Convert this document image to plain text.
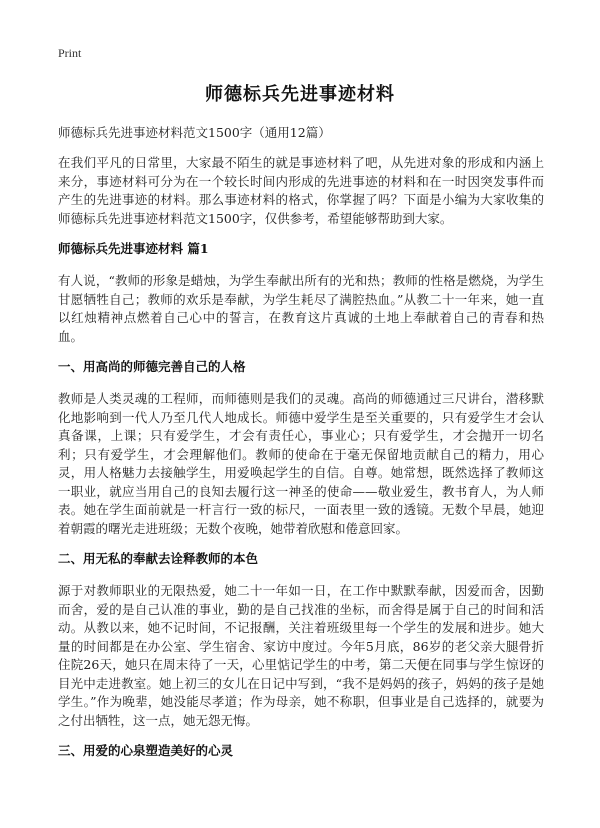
Print
师德标兵先进事迹材料

师德标兵先进事迹材料范文1500字（通用12篇）

在我们平凡的日常里，大家最不陌生的就是事迹材料了吧，从先进对象的形成和内涵上来分，事迹材料可分为在一个较长时间内形成的先进事迹的材料和在一时因突发事件而产生的先进事迹的材料。那么事迹材料的格式，你掌握了吗？下面是小编为大家收集的师德标兵先进事迹材料范文1500字，仅供参考，希望能够帮助到大家。

师德标兵先进事迹材料 篇1

有人说，“教师的形象是蜡烛，为学生奉献出所有的光和热；教师的性格是燃烧，为学生甘愿牺牲自己；教师的欢乐是奉献，为学生耗尽了满腔热血。”从教二十一年来，她一直以红烛精神点燃着自己心中的誓言，在教育这片真诚的土地上奉献着自己的青春和热血。

一、用高尚的师德完善自己的人格

教师是人类灵魂的工程师，而师德则是我们的灵魂。高尚的师德通过三尺讲台，潜移默化地影响到一代人乃至几代人地成长。师德中爱学生是至关重要的，只有爱学生才会认真备课，上课；只有爱学生，才会有责任心，事业心；只有爱学生，才会抛开一切名利；只有爱学生，才会理解他们。教师的使命在于毫无保留地贡献自己的精力，用心灵，用人格魅力去接触学生，用爱唤起学生的自信。自尊。她常想，既然选择了教师这一职业，就应当用自己的良知去履行这一神圣的使命——敬业爱生，教书育人，为人师表。她在学生面前就是一杆言行一致的标尺，一面表里一致的透镜。无数个早晨，她迎着朝霞的曙光走进班级；无数个夜晚，她带着欣慰和倦意回家。

二、用无私的奉献去诠释教师的本色

源于对教师职业的无限热爱，她二十一年如一日，在工作中默默奉献，因爱而舍，因勤而舍，爱的是自己认准的事业，勤的是自己找准的坐标，而舍得是属于自己的时间和活动。从教以来，她不记时间，不记报酬，关注着班级里每一个学生的发展和进步。她大量的时间都是在办公室、学生宿舍、家访中度过。今年5月底，86岁的老父亲大腿骨折住院26天，她只在周末待了一天，心里惦记学生的中考，第二天便在同事与学生惊讶的目光中走进教室。她上初三的女儿在日记中写到，“我不是妈妈的孩子，妈妈的孩子是她学生。”作为晚辈，她没能尽孝道；作为母亲，她不称职，但事业是自己选择的，就要为之付出牺牲，这一点，她无怨无悔。

三、用爱的心泉塑造美好的心灵
